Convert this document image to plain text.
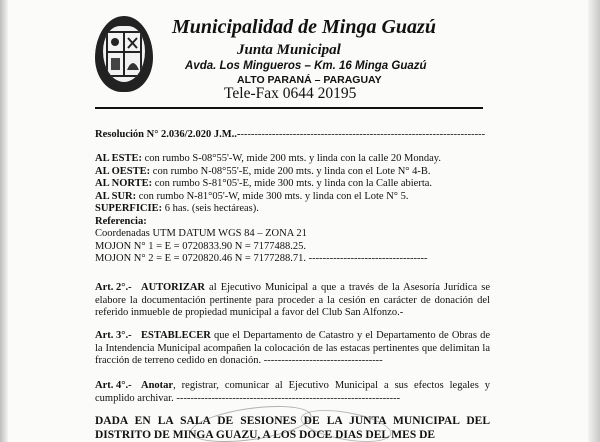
Municipalidad de Minga Guazú
Junta Municipal
Avda. Los Mingueros – Km. 16 Minga Guazú
ALTO PARANÁ – PARAGUAY
Tele-Fax 0644 20195
Resolución N° 2.036/2.020 J.M..-----------------------------------------------------------------------
AL ESTE: con rumbo S-08°55'-W, mide 200 mts. y linda con la calle 20 Monday.
AL OESTE: con rumbo N-08°55'-E, mide 200 mts. y linda con el Lote N° 4-B.
AL NORTE: con rumbo S-81°05'-E, mide 300 mts. y linda con la Calle abierta.
AL SUR: con rumbo N-81°05'-W, mide 300 mts. y linda con el Lote N° 5.
SUPERFICIE: 6 has. (seis hectáreas).
Referencia:
Coordenadas UTM DATUM WGS 84 – ZONA 21
MOJON N° 1 = E = 0720833.90 N = 7177488.25.
MOJON N° 2 = E = 0720820.46 N = 7177288.71. ----------------------------------
Art. 2°.- AUTORIZAR al Ejecutivo Municipal a que a través de la Asesoría Jurídica se elabore la documentación pertinente para proceder a la cesión en carácter de donación del referido inmueble de propiedad municipal a favor del Club San Alfonzo.-
Art. 3°.- ESTABLECER que el Departamento de Catastro y el Departamento de Obras de la Intendencia Municipal acompañen la colocación de las estacas pertinentes que delimitan la fracción de terreno cedido en donación. ----------------------------------
Art. 4°.- Anotar, registrar, comunicar al Ejecutivo Municipal a sus efectos legales y cumplido archivar. ----------------------------------------------------------------
DADA EN LA SALA DE SESIONES DE LA JUNTA MUNICIPAL DEL DISTRITO DE MINGA GUAZU, A LOS DOCE DIAS DEL MES DE
